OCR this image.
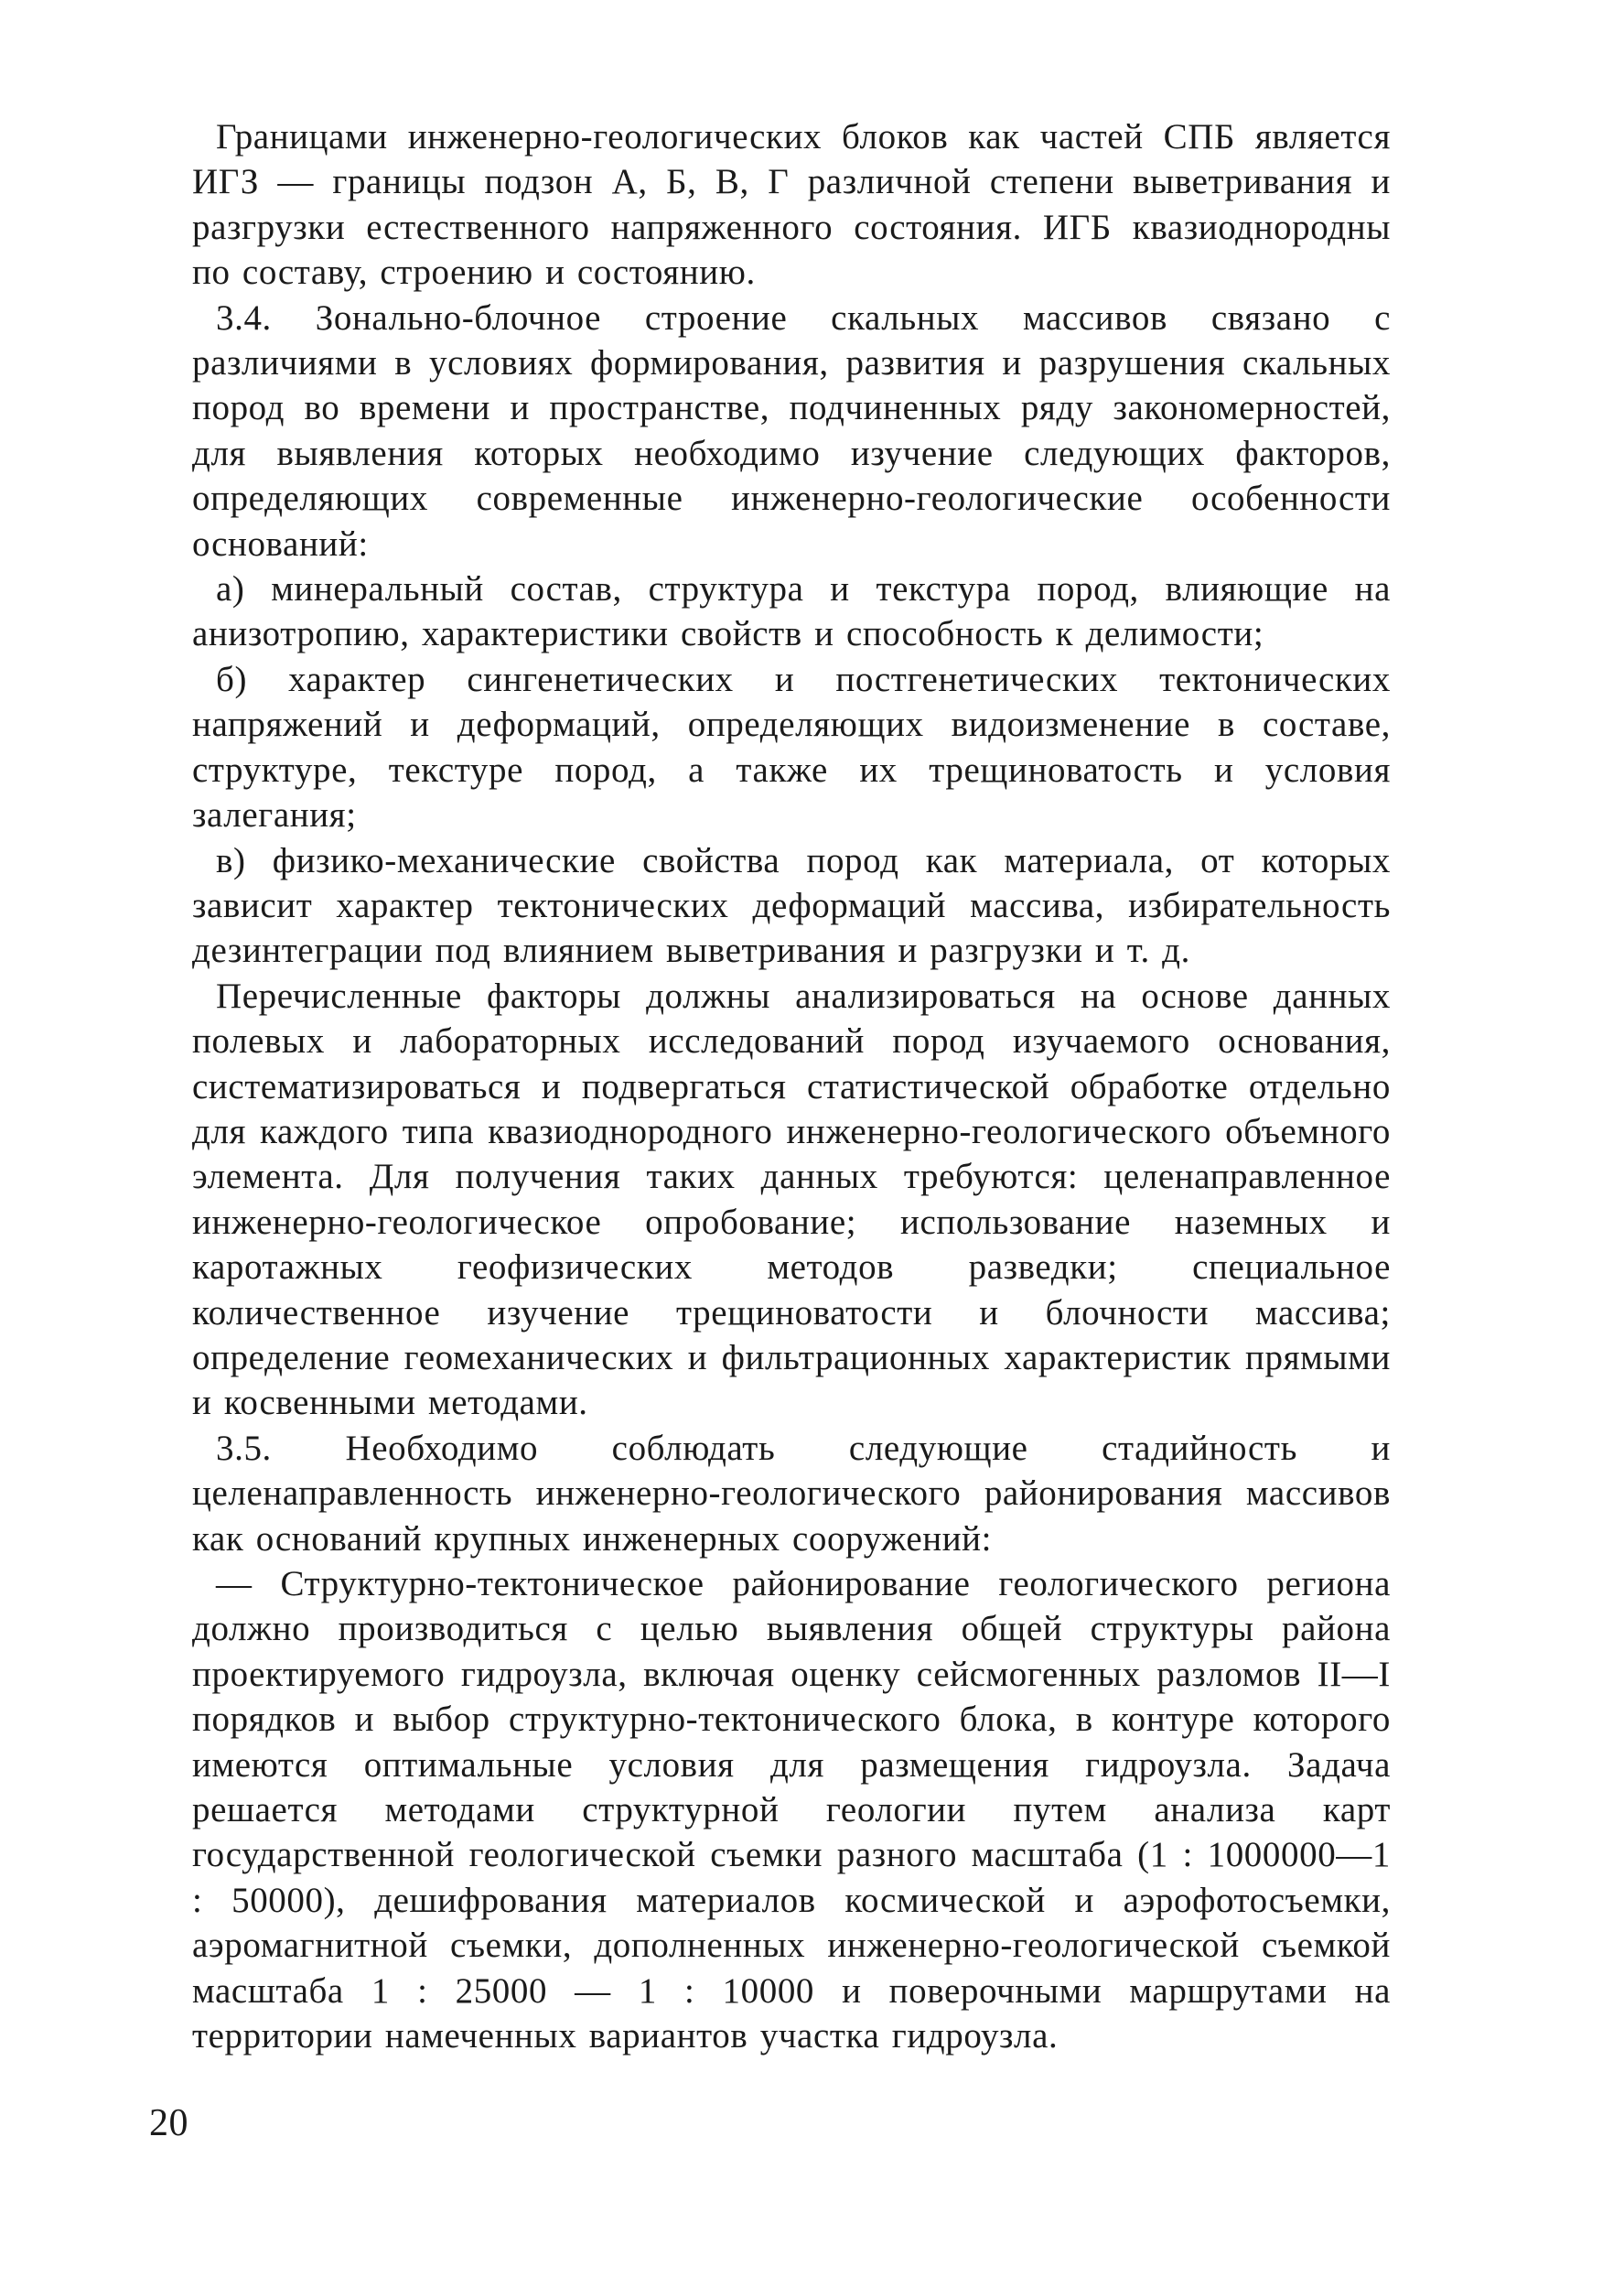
Границами инженерно-геологических блоков как частей СПБ является ИГЗ — границы подзон А, Б, В, Г различной степени выветривания и разгрузки естественного напряженного состояния. ИГБ квазиоднородны по составу, строению и состоянию.

3.4. Зонально-блочное строение скальных массивов связано с различиями в условиях формирования, развития и разрушения скальных пород во времени и пространстве, подчиненных ряду закономерностей, для выявления которых необходимо изучение следующих факторов, определяющих современные инженерно-геологические особенности оснований:

а) минеральный состав, структура и текстура пород, влияющие на анизотропию, характеристики свойств и способность к делимости;

б) характер сингенетических и постгенетических тектонических напряжений и деформаций, определяющих видоизменение в составе, структуре, текстуре пород, а также их трещиноватость и условия залегания;

в) физико-механические свойства пород как материала, от которых зависит характер тектонических деформаций массива, избирательность дезинтеграции под влиянием выветривания и разгрузки и т. д.

Перечисленные факторы должны анализироваться на основе данных полевых и лабораторных исследований пород изучаемого основания, систематизироваться и подвергаться статистической обработке отдельно для каждого типа квазиоднородного инженерно-геологического объемного элемента. Для получения таких данных требуются: целенаправленное инженерно-геологическое опробование; использование наземных и каротажных геофизических методов разведки; специальное количественное изучение трещиноватости и блочности массива; определение геомеханических и фильтрационных характеристик прямыми и косвенными методами.

3.5. Необходимо соблюдать следующие стадийность и целенаправленность инженерно-геологического районирования массивов как оснований крупных инженерных сооружений:

— Структурно-тектоническое районирование геологического региона должно производиться с целью выявления общей структуры района проектируемого гидроузла, включая оценку сейсмогенных разломов II—I порядков и выбор структурно-тектонического блока, в контуре которого имеются оптимальные условия для размещения гидроузла. Задача решается методами структурной геологии путем анализа карт государственной геологической съемки разного масштаба (1 : 1000000—1 : 50000), дешифрования материалов космической и аэрофотосъемки, аэромагнитной съемки, дополненных инженерно-геологической съемкой масштаба 1 : 25000 — 1 : 10000 и поверочными маршрутами на территории намеченных вариантов участка гидроузла.

20
